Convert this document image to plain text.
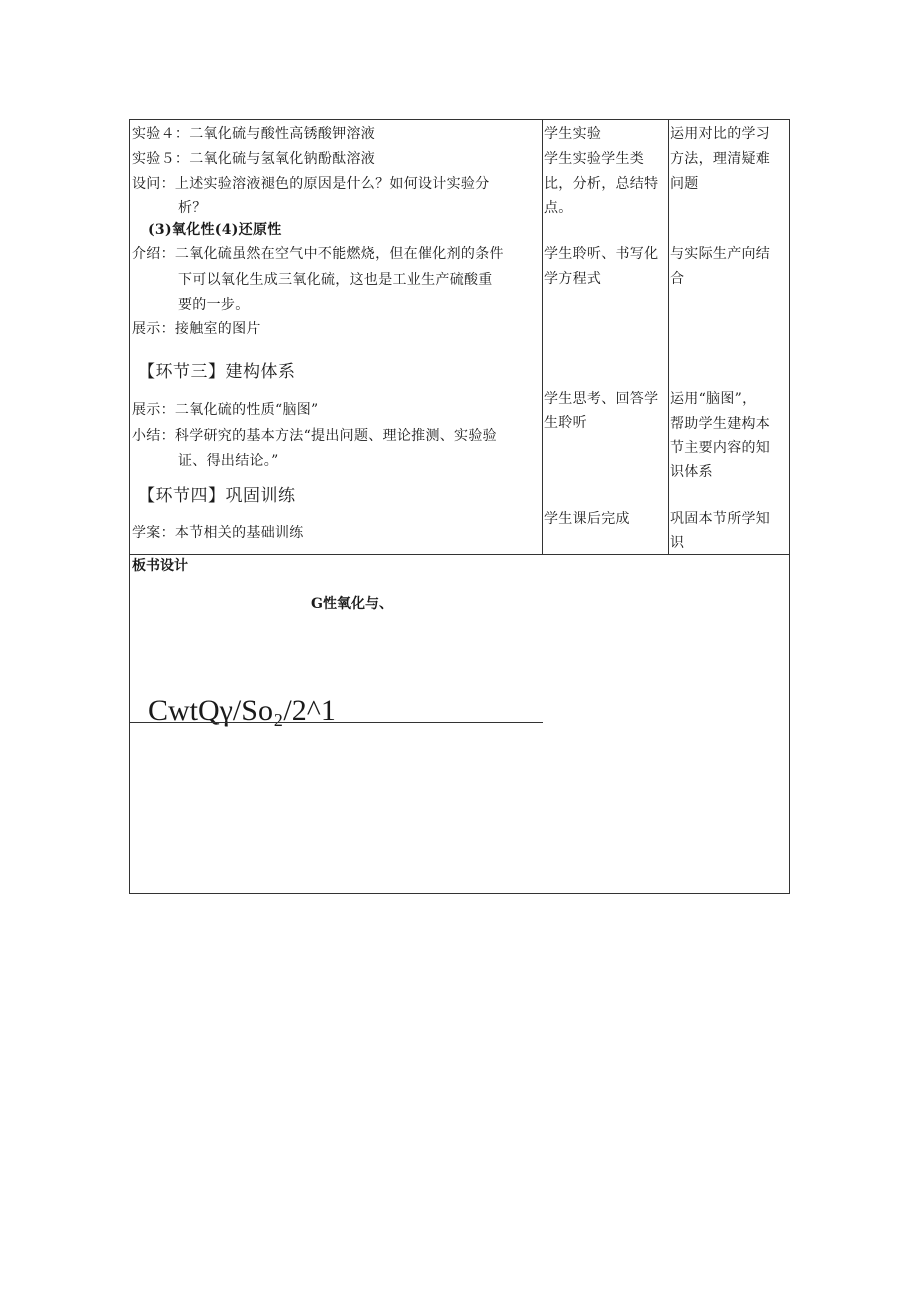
实验４：二氧化硫与酸性高锈酸钾溶液
实验５：二氧化硫与氢氧化钠酚酞溶液
设问：上述实验溶液褪色的原因是什么？如何设计实验分
析？
(3)氧化性(4)还原性
介绍：二氧化硫虽然在空气中不能燃烧，但在催化剂的条件
下可以氧化生成三氧化硫，这也是工业生产硫酸重
要的一步。
展示：接触室的图片
【环节三】建构体系
展示：二氧化硫的性质“脑图”
小结：科学研究的基本方法“提出问题、理论推测、实验验
证、得出结论。”
【环节四】巩固训练
学案：本节相关的基础训练
学生实验
学生实验学生类
比，分析，总结特
点。
学生聆听、书写化
学方程式
学生思考、回答学
生聆听
学生课后完成
运用对比的学习
方法，理清疑难
问题
与实际生产向结
合
运用“脑图”，
帮助学生建构本
节主要内容的知
识体系
巩固本节所学知
识
板书设计
G性氧化与、
CwtQγ/So₂/2^1
